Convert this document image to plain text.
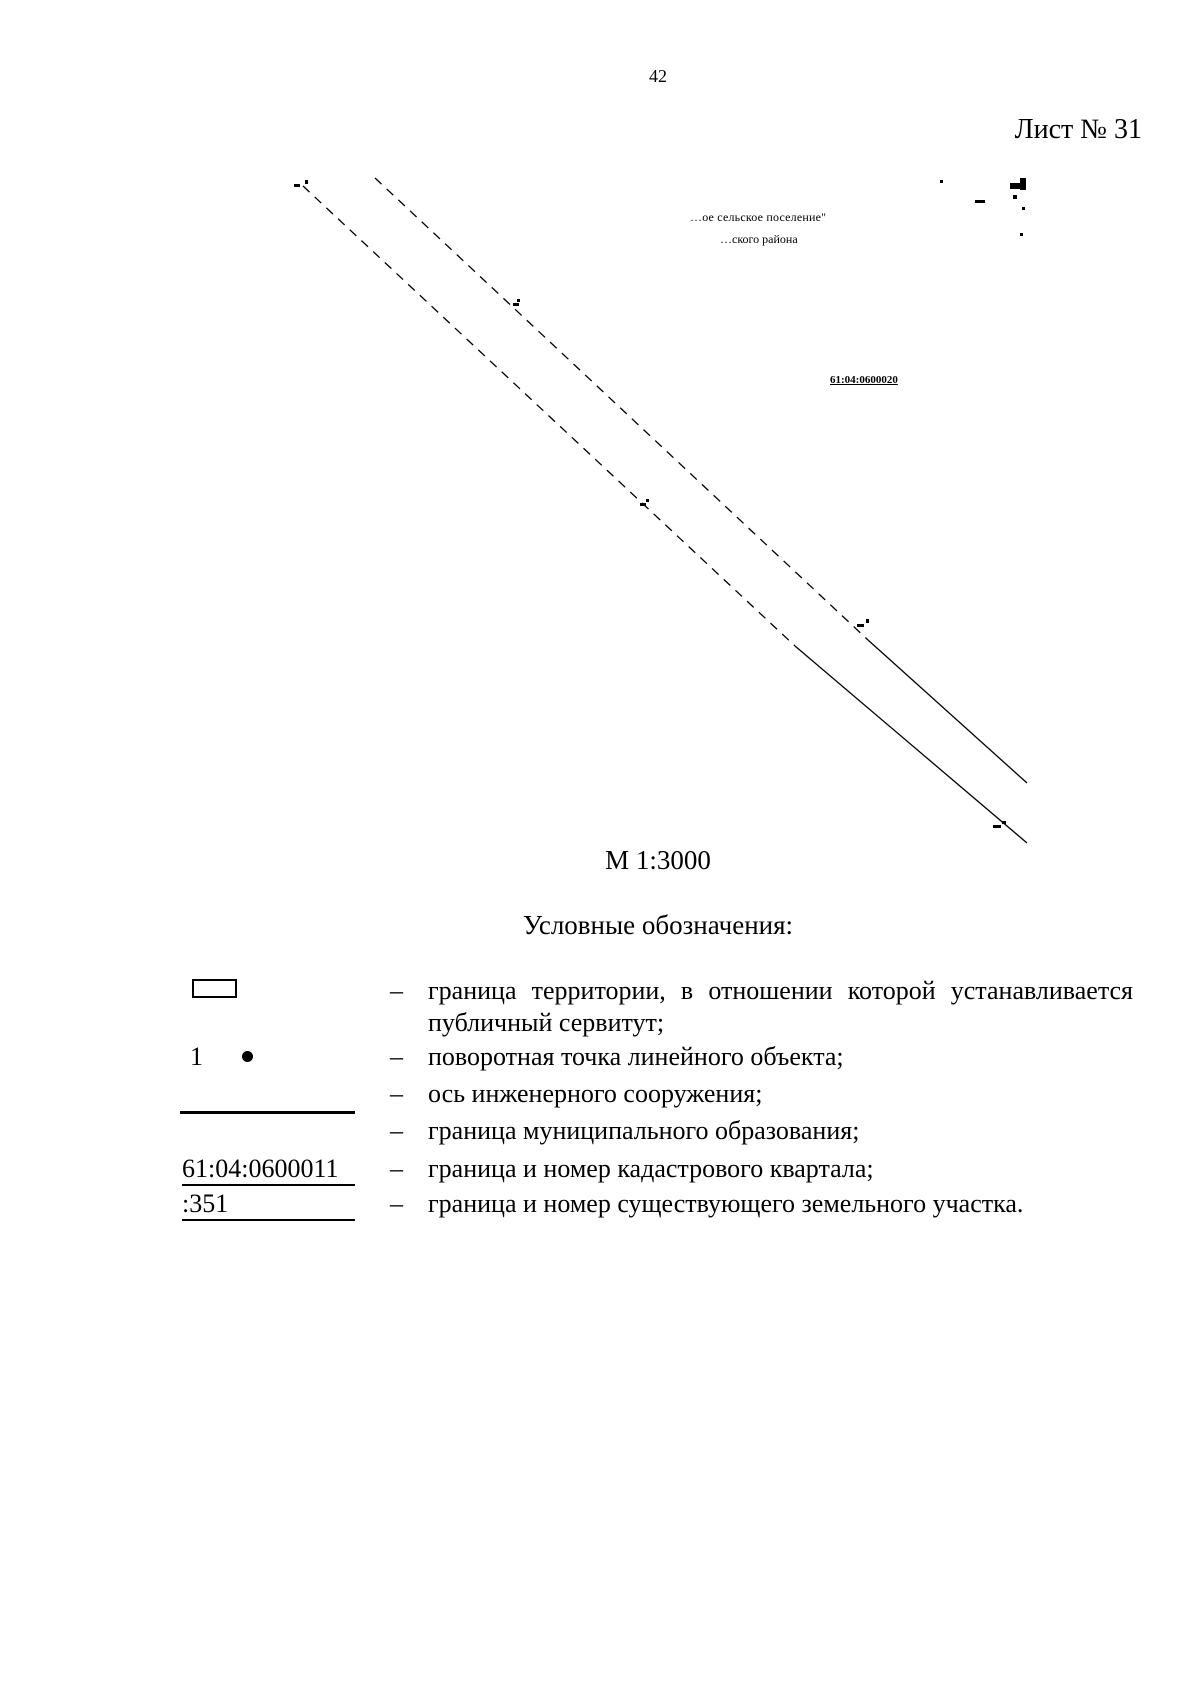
42
Лист № 31
…ое сельское поселение"
…ского района
61:04:0600020
М 1:3000
Условные обозначения:
– граница территории, в отношении которой устанавливается публичный сервитут;
1	– поворотная точка линейного объекта;
– ось инженерного сооружения;
– граница муниципального образования;
61:04:0600011	– граница и номер кадастрового квартала;
:351	– граница и номер существующего земельного участка.
